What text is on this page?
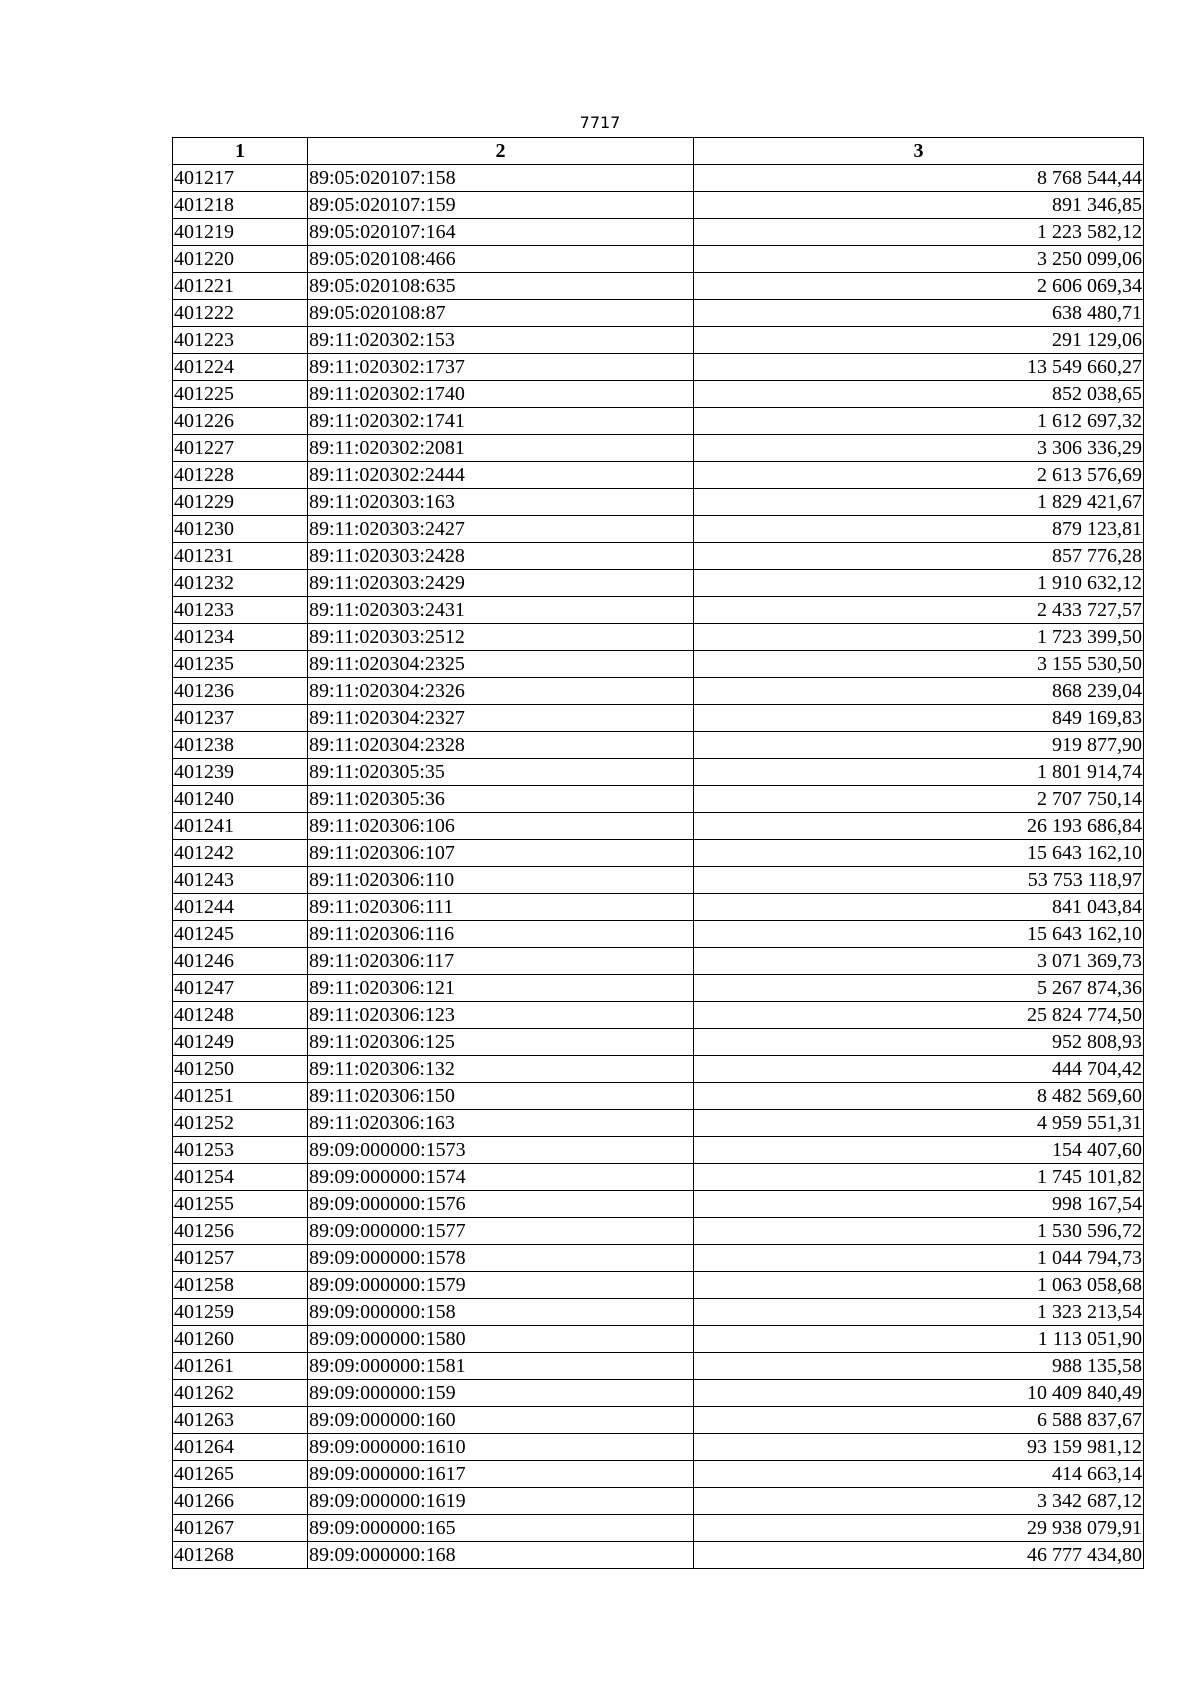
7717
1	2	3
401217	89:05:020107:158	8 768 544,44
401218	89:05:020107:159	891 346,85
401219	89:05:020107:164	1 223 582,12
401220	89:05:020108:466	3 250 099,06
401221	89:05:020108:635	2 606 069,34
401222	89:05:020108:87	638 480,71
401223	89:11:020302:153	291 129,06
401224	89:11:020302:1737	13 549 660,27
401225	89:11:020302:1740	852 038,65
401226	89:11:020302:1741	1 612 697,32
401227	89:11:020302:2081	3 306 336,29
401228	89:11:020302:2444	2 613 576,69
401229	89:11:020303:163	1 829 421,67
401230	89:11:020303:2427	879 123,81
401231	89:11:020303:2428	857 776,28
401232	89:11:020303:2429	1 910 632,12
401233	89:11:020303:2431	2 433 727,57
401234	89:11:020303:2512	1 723 399,50
401235	89:11:020304:2325	3 155 530,50
401236	89:11:020304:2326	868 239,04
401237	89:11:020304:2327	849 169,83
401238	89:11:020304:2328	919 877,90
401239	89:11:020305:35	1 801 914,74
401240	89:11:020305:36	2 707 750,14
401241	89:11:020306:106	26 193 686,84
401242	89:11:020306:107	15 643 162,10
401243	89:11:020306:110	53 753 118,97
401244	89:11:020306:111	841 043,84
401245	89:11:020306:116	15 643 162,10
401246	89:11:020306:117	3 071 369,73
401247	89:11:020306:121	5 267 874,36
401248	89:11:020306:123	25 824 774,50
401249	89:11:020306:125	952 808,93
401250	89:11:020306:132	444 704,42
401251	89:11:020306:150	8 482 569,60
401252	89:11:020306:163	4 959 551,31
401253	89:09:000000:1573	154 407,60
401254	89:09:000000:1574	1 745 101,82
401255	89:09:000000:1576	998 167,54
401256	89:09:000000:1577	1 530 596,72
401257	89:09:000000:1578	1 044 794,73
401258	89:09:000000:1579	1 063 058,68
401259	89:09:000000:158	1 323 213,54
401260	89:09:000000:1580	1 113 051,90
401261	89:09:000000:1581	988 135,58
401262	89:09:000000:159	10 409 840,49
401263	89:09:000000:160	6 588 837,67
401264	89:09:000000:1610	93 159 981,12
401265	89:09:000000:1617	414 663,14
401266	89:09:000000:1619	3 342 687,12
401267	89:09:000000:165	29 938 079,91
401268	89:09:000000:168	46 777 434,80
